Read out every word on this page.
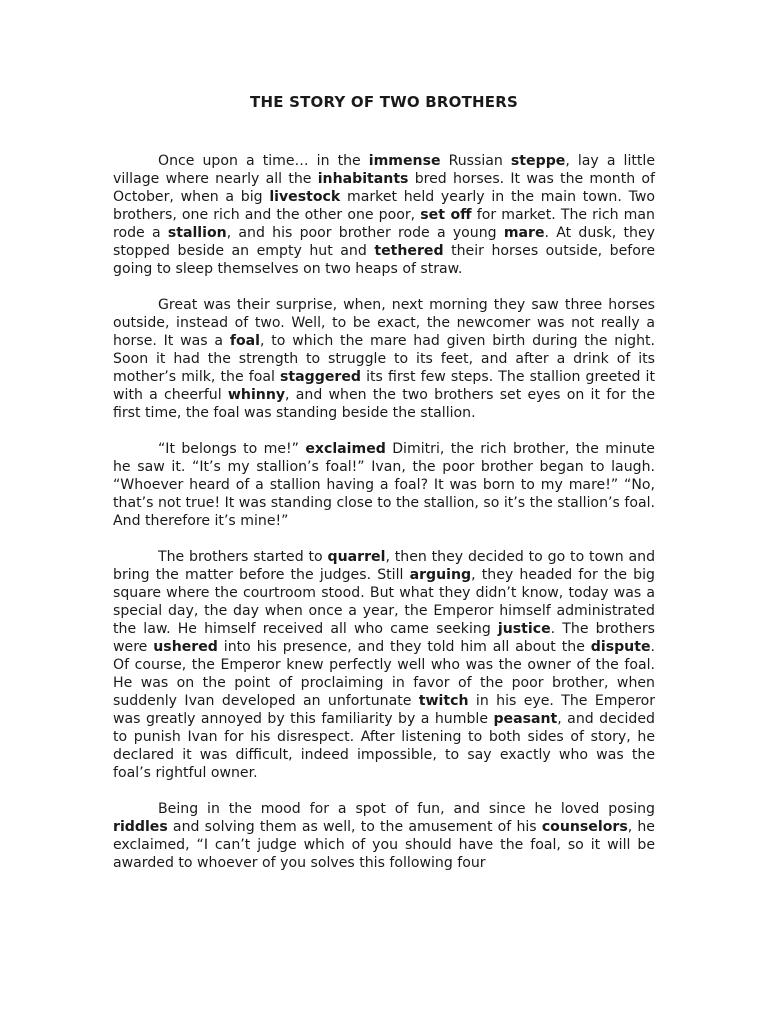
THE STORY OF TWO BROTHERS

Once upon a time… in the immense Russian steppe, lay a little village where nearly all the inhabitants bred horses. It was the month of October, when a big livestock market held yearly in the main town. Two brothers, one rich and the other one poor, set off for market. The rich man rode a stallion, and his poor brother rode a young mare. At dusk, they stopped beside an empty hut and tethered their horses outside, before going to sleep themselves on two heaps of straw.

Great was their surprise, when, next morning they saw three horses outside, instead of two. Well, to be exact, the newcomer was not really a horse. It was a foal, to which the mare had given birth during the night. Soon it had the strength to struggle to its feet, and after a drink of its mother’s milk, the foal staggered its first few steps. The stallion greeted it with a cheerful whinny, and when the two brothers set eyes on it for the first time, the foal was standing beside the stallion.

“It belongs to me!” exclaimed Dimitri, the rich brother, the minute he saw it. “It’s my stallion’s foal!” Ivan, the poor brother began to laugh. “Whoever heard of a stallion having a foal? It was born to my mare!” “No, that’s not true! It was standing close to the stallion, so it’s the stallion’s foal. And therefore it’s mine!”

The brothers started to quarrel, then they decided to go to town and bring the matter before the judges. Still arguing, they headed for the big square where the courtroom stood. But what they didn’t know, today was a special day, the day when once a year, the Emperor himself administrated the law. He himself received all who came seeking justice. The brothers were ushered into his presence, and they told him all about the dispute. Of course, the Emperor knew perfectly well who was the owner of the foal. He was on the point of proclaiming in favor of the poor brother, when suddenly Ivan developed an unfortunate twitch in his eye. The Emperor was greatly annoyed by this familiarity by a humble peasant, and decided to punish Ivan for his disrespect. After listening to both sides of story, he declared it was difficult, indeed impossible, to say exactly who was the foal’s rightful owner.

Being in the mood for a spot of fun, and since he loved posing riddles and solving them as well, to the amusement of his counselors, he exclaimed, “I can’t judge which of you should have the foal, so it will be awarded to whoever of you solves this following four
